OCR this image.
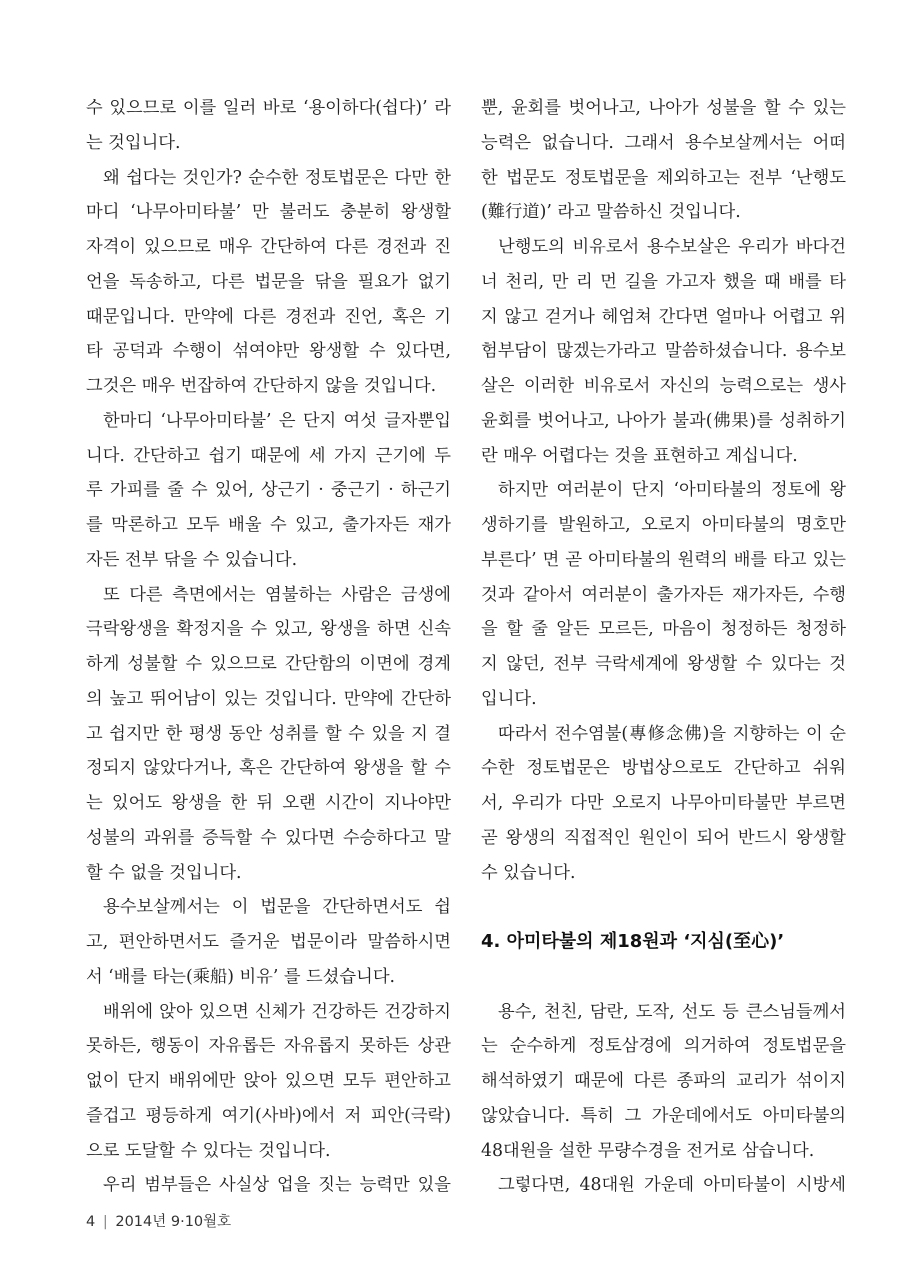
수 있으므로 이를 일러 바로 ‘용이하다(쉽다)’ 라
는 것입니다.
왜 쉽다는 것인가? 순수한 정토법문은 다만 한
마디 ‘나무아미타불’ 만 불러도 충분히 왕생할
자격이 있으므로 매우 간단하여 다른 경전과 진
언을 독송하고, 다른 법문을 닦을 필요가 없기
때문입니다. 만약에 다른 경전과 진언, 혹은 기
타 공덕과 수행이 섞여야만 왕생할 수 있다면,
그것은 매우 번잡하여 간단하지 않을 것입니다.
한마디 ‘나무아미타불’ 은 단지 여섯 글자뿐입
니다. 간단하고 쉽기 때문에 세 가지 근기에 두
루 가피를 줄 수 있어, 상근기 · 중근기 · 하근기
를 막론하고 모두 배울 수 있고, 출가자든 재가
자든 전부 닦을 수 있습니다.
또 다른 측면에서는 염불하는 사람은 금생에
극락왕생을 확정지을 수 있고, 왕생을 하면 신속
하게 성불할 수 있으므로 간단함의 이면에 경계
의 높고 뛰어남이 있는 것입니다. 만약에 간단하
고 쉽지만 한 평생 동안 성취를 할 수 있을 지 결
정되지 않았다거나, 혹은 간단하여 왕생을 할 수
는 있어도 왕생을 한 뒤 오랜 시간이 지나야만
성불의 과위를 증득할 수 있다면 수승하다고 말
할 수 없을 것입니다.
용수보살께서는 이 법문을 간단하면서도 쉽
고, 편안하면서도 즐거운 법문이라 말씀하시면
서 ‘배를 타는(乘船) 비유’ 를 드셨습니다.
배위에 앉아 있으면 신체가 건강하든 건강하지
못하든, 행동이 자유롭든 자유롭지 못하든 상관
없이 단지 배위에만 앉아 있으면 모두 편안하고
즐겁고 평등하게 여기(사바)에서 저 피안(극락)
으로 도달할 수 있다는 것입니다.
우리 범부들은 사실상 업을 짓는 능력만 있을
뿐, 윤회를 벗어나고, 나아가 성불을 할 수 있는
능력은 없습니다. 그래서 용수보살께서는 어떠
한 법문도 정토법문을 제외하고는 전부 ‘난행도
(難行道)’ 라고 말씀하신 것입니다.
난행도의 비유로서 용수보살은 우리가 바다건
너 천리, 만 리 먼 길을 가고자 했을 때 배를 타
지 않고 걷거나 헤엄쳐 간다면 얼마나 어렵고 위
험부담이 많겠는가라고 말씀하셨습니다. 용수보
살은 이러한 비유로서 자신의 능력으로는 생사
윤회를 벗어나고, 나아가 불과(佛果)를 성취하기
란 매우 어렵다는 것을 표현하고 계십니다.
하지만 여러분이 단지 ‘아미타불의 정토에 왕
생하기를 발원하고, 오로지 아미타불의 명호만
부른다’ 면 곧 아미타불의 원력의 배를 타고 있는
것과 같아서 여러분이 출가자든 재가자든, 수행
을 할 줄 알든 모르든, 마음이 청정하든 청정하
지 않던, 전부 극락세계에 왕생할 수 있다는 것
입니다.
따라서 전수염불(專修念佛)을 지향하는 이 순
수한 정토법문은 방법상으로도 간단하고 쉬워
서, 우리가 다만 오로지 나무아미타불만 부르면
곧 왕생의 직접적인 원인이 되어 반드시 왕생할
수 있습니다.
4. 아미타불의 제18원과 ‘지심(至心)’
용수, 천친, 담란, 도작, 선도 등 큰스님들께서
는 순수하게 정토삼경에 의거하여 정토법문을
해석하였기 때문에 다른 종파의 교리가 섞이지
않았습니다. 특히 그 가운데에서도 아미타불의
48대원을 설한 무량수경을 전거로 삼습니다.
그렇다면, 48대원 가운데 아미타불이 시방세
4 | 2014년 9·10월호
